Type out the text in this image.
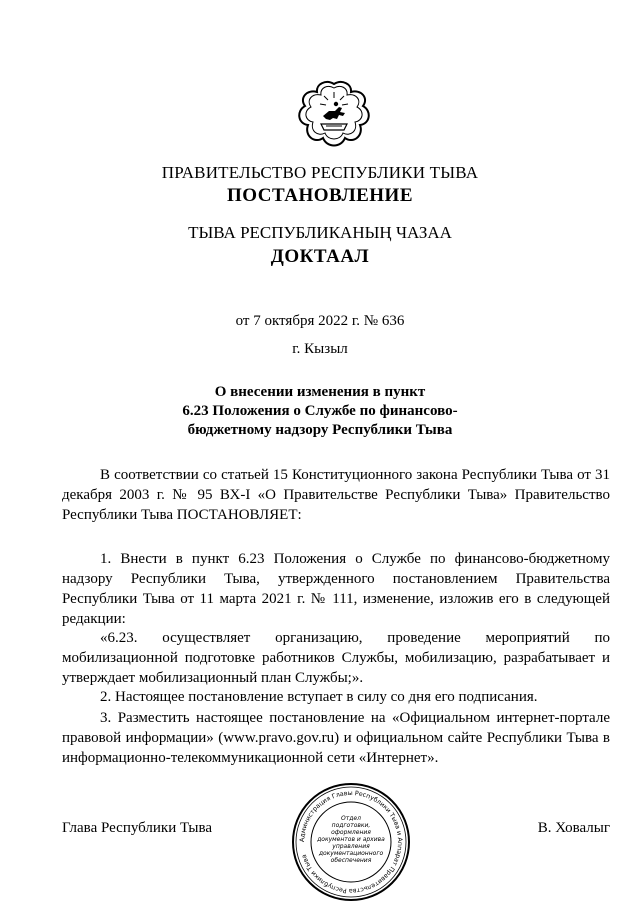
ПРАВИТЕЛЬСТВО РЕСПУБЛИКИ ТЫВА
ПОСТАНОВЛЕНИЕ
ТЫВА РЕСПУБЛИКАНЫҢ ЧАЗАА
ДОКТААЛ
от 7 октября 2022 г. № 636
г. Кызыл
О внесении изменения в пункт
6.23 Положения о Службе по финансово-
бюджетному надзору Республики Тыва
В соответствии со статьей 15 Конституционного закона Республики Тыва от 31 декабря 2003 г. № 95 ВХ-I «О Правительстве Республики Тыва» Правительство Республики Тыва ПОСТАНОВЛЯЕТ:
1. Внести в пункт 6.23 Положения о Службе по финансово-бюджетному надзору Республики Тыва, утвержденного постановлением Правительства Республики Тыва от 11 марта 2021 г. № 111, изменение, изложив его в следующей редакции:
«6.23. осуществляет организацию, проведение мероприятий по мобилизационной подготовке работников Службы, мобилизацию, разрабатывает и утверждает мобилизационный план Службы;».
2. Настоящее постановление вступает в силу со дня его подписания.
3. Разместить настоящее постановление на «Официальном интернет-портале правовой информации» (www.pravo.gov.ru) и официальном сайте Республики Тыва в информационно-телекоммуникационной сети «Интернет».
Глава Республики Тыва	В. Ховалыг
Администрация Главы Республики Тыва и Аппарат Правительства Республики Тыва
Отдел
подготовки,
оформления
документов и архива
управления
документационного
обеспечения
